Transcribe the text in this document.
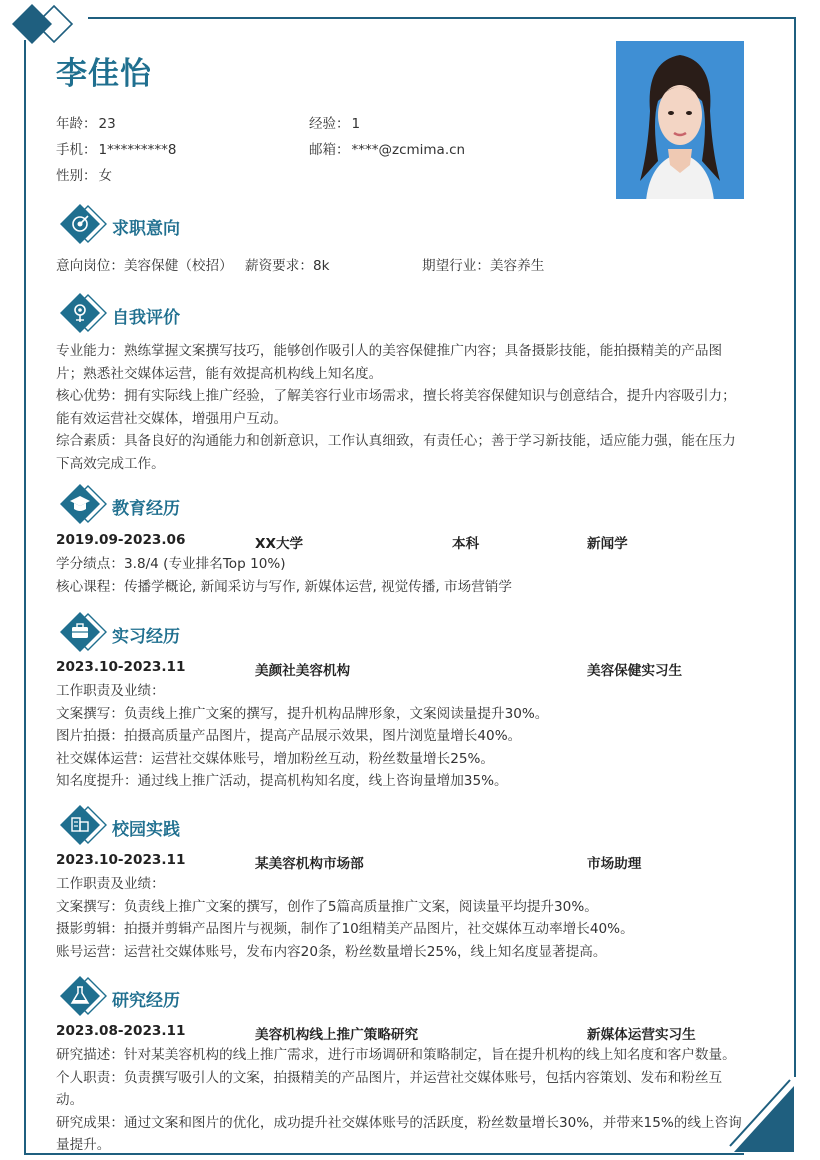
李佳怡
年龄： 23	经验： 1
手机： 1*********8	邮箱： ****@zcmima.cn
性别： 女
求职意向
意向岗位：美容保健（校招） 薪资要求：8k	期望行业：美容养生
自我评价
专业能力：熟练掌握文案撰写技巧，能够创作吸引人的美容保健推广内容；具备摄影技能，能拍摄精美的产品图
片；熟悉社交媒体运营，能有效提高机构线上知名度。
核心优势：拥有实际线上推广经验，了解美容行业市场需求，擅长将美容保健知识与创意结合，提升内容吸引力；
能有效运营社交媒体，增强用户互动。
综合素质：具备良好的沟通能力和创新意识，工作认真细致，有责任心；善于学习新技能，适应能力强，能在压力
下高效完成工作。
教育经历
2019.09-2023.06	XX大学	本科	新闻学
学分绩点：3.8/4 (专业排名Top 10%)
核心课程：传播学概论, 新闻采访与写作, 新媒体运营, 视觉传播, 市场营销学
实习经历
2023.10-2023.11	美颜社美容机构	美容保健实习生
工作职责及业绩：
文案撰写：负责线上推广文案的撰写，提升机构品牌形象，文案阅读量提升30%。
图片拍摄：拍摄高质量产品图片，提高产品展示效果，图片浏览量增长40%。
社交媒体运营：运营社交媒体账号，增加粉丝互动，粉丝数量增长25%。
知名度提升：通过线上推广活动，提高机构知名度，线上咨询量增加35%。
校园实践
2023.10-2023.11	某美容机构市场部	市场助理
工作职责及业绩：
文案撰写：负责线上推广文案的撰写，创作了5篇高质量推广文案，阅读量平均提升30%。
摄影剪辑：拍摄并剪辑产品图片与视频，制作了10组精美产品图片，社交媒体互动率增长40%。
账号运营：运营社交媒体账号，发布内容20条，粉丝数量增长25%，线上知名度显著提高。
研究经历
2023.08-2023.11	美容机构线上推广策略研究	新媒体运营实习生
研究描述：针对某美容机构的线上推广需求，进行市场调研和策略制定，旨在提升机构的线上知名度和客户数量。
个人职责：负责撰写吸引人的文案，拍摄精美的产品图片，并运营社交媒体账号，包括内容策划、发布和粉丝互
动。
研究成果：通过文案和图片的优化，成功提升社交媒体账号的活跃度，粉丝数量增长30%，并带来15%的线上咨询
量提升。
